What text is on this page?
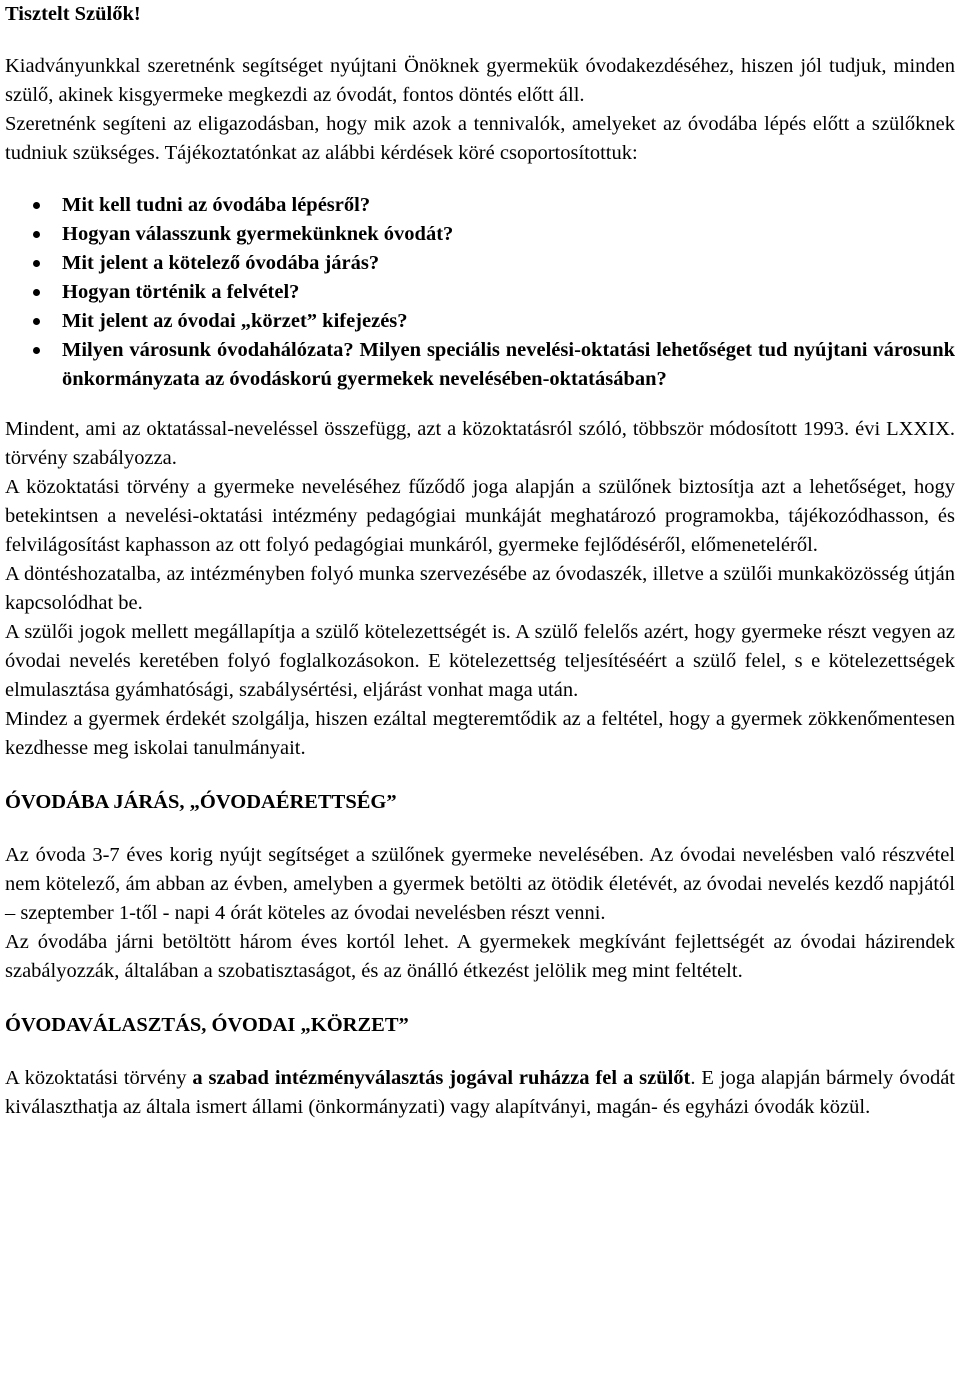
Tisztelt Szülők!

Kiadványunkkal szeretnénk segítséget nyújtani Önöknek gyermekük óvodakezdéséhez, hiszen jól tudjuk, minden szülő, akinek kisgyermeke megkezdi az óvodát, fontos döntés előtt áll.

Szeretnénk segíteni az eligazodásban, hogy mik azok a tennivalók, amelyeket az óvodába lépés előtt a szülőknek tudniuk szükséges. Tájékoztatónkat az alábbi kérdések köré csoportosítottuk:

Mit kell tudni az óvodába lépésről?
Hogyan válasszunk gyermekünknek óvodát?
Mit jelent a kötelező óvodába járás?
Hogyan történik a felvétel?
Mit jelent az óvodai „körzet” kifejezés?
Milyen városunk óvodahálózata? Milyen speciális nevelési-oktatási lehetőséget tud nyújtani városunk önkormányzata az óvodáskorú gyermekek nevelésében-oktatásában?

Mindent, ami az oktatással-neveléssel összefügg, azt a közoktatásról szóló, többször módosított 1993. évi LXXIX. törvény szabályozza.

A közoktatási törvény a gyermeke neveléséhez fűződő joga alapján a szülőnek biztosítja azt a lehetőséget, hogy betekintsen a nevelési-oktatási intézmény pedagógiai munkáját meghatározó programokba, tájékozódhasson, és felvilágosítást kaphasson az ott folyó pedagógiai munkáról, gyermeke fejlődéséről, előmeneteléről.

A döntéshozatalba, az intézményben folyó munka szervezésébe az óvodaszék, illetve a szülői munkaközösség útján kapcsolódhat be.

A szülői jogok mellett megállapítja a szülő kötelezettségét is. A szülő felelős azért, hogy gyermeke részt vegyen az óvodai nevelés keretében folyó foglalkozásokon. E kötelezettség teljesítéséért a szülő felel, s e kötelezettségek elmulasztása gyámhatósági, szabálysértési, eljárást vonhat maga után.

Mindez a gyermek érdekét szolgálja, hiszen ezáltal megteremtődik az a feltétel, hogy a gyermek zökkenőmentesen kezdhesse meg iskolai tanulmányait.

ÓVODÁBA JÁRÁS, „ÓVODAÉRETTSÉG”

Az óvoda 3-7 éves korig nyújt segítséget a szülőnek gyermeke nevelésében. Az óvodai nevelésben való részvétel nem kötelező, ám abban az évben, amelyben a gyermek betölti az ötödik életévét, az óvodai nevelés kezdő napjától – szeptember 1-től - napi 4 órát köteles az óvodai nevelésben részt venni.

Az óvodába járni betöltött három éves kortól lehet. A gyermekek megkívánt fejlettségét az óvodai házirendek szabályozzák, általában a szobatisztaságot, és az önálló étkezést jelölik meg mint feltételt.

ÓVODAVÁLASZTÁS, ÓVODAI „KÖRZET”

A közoktatási törvény a szabad intézményválasztás jogával ruházza fel a szülőt. E joga alapján bármely óvodát kiválaszthatja az általa ismert állami (önkormányzati) vagy alapítványi, magán- és egyházi óvodák közül.
